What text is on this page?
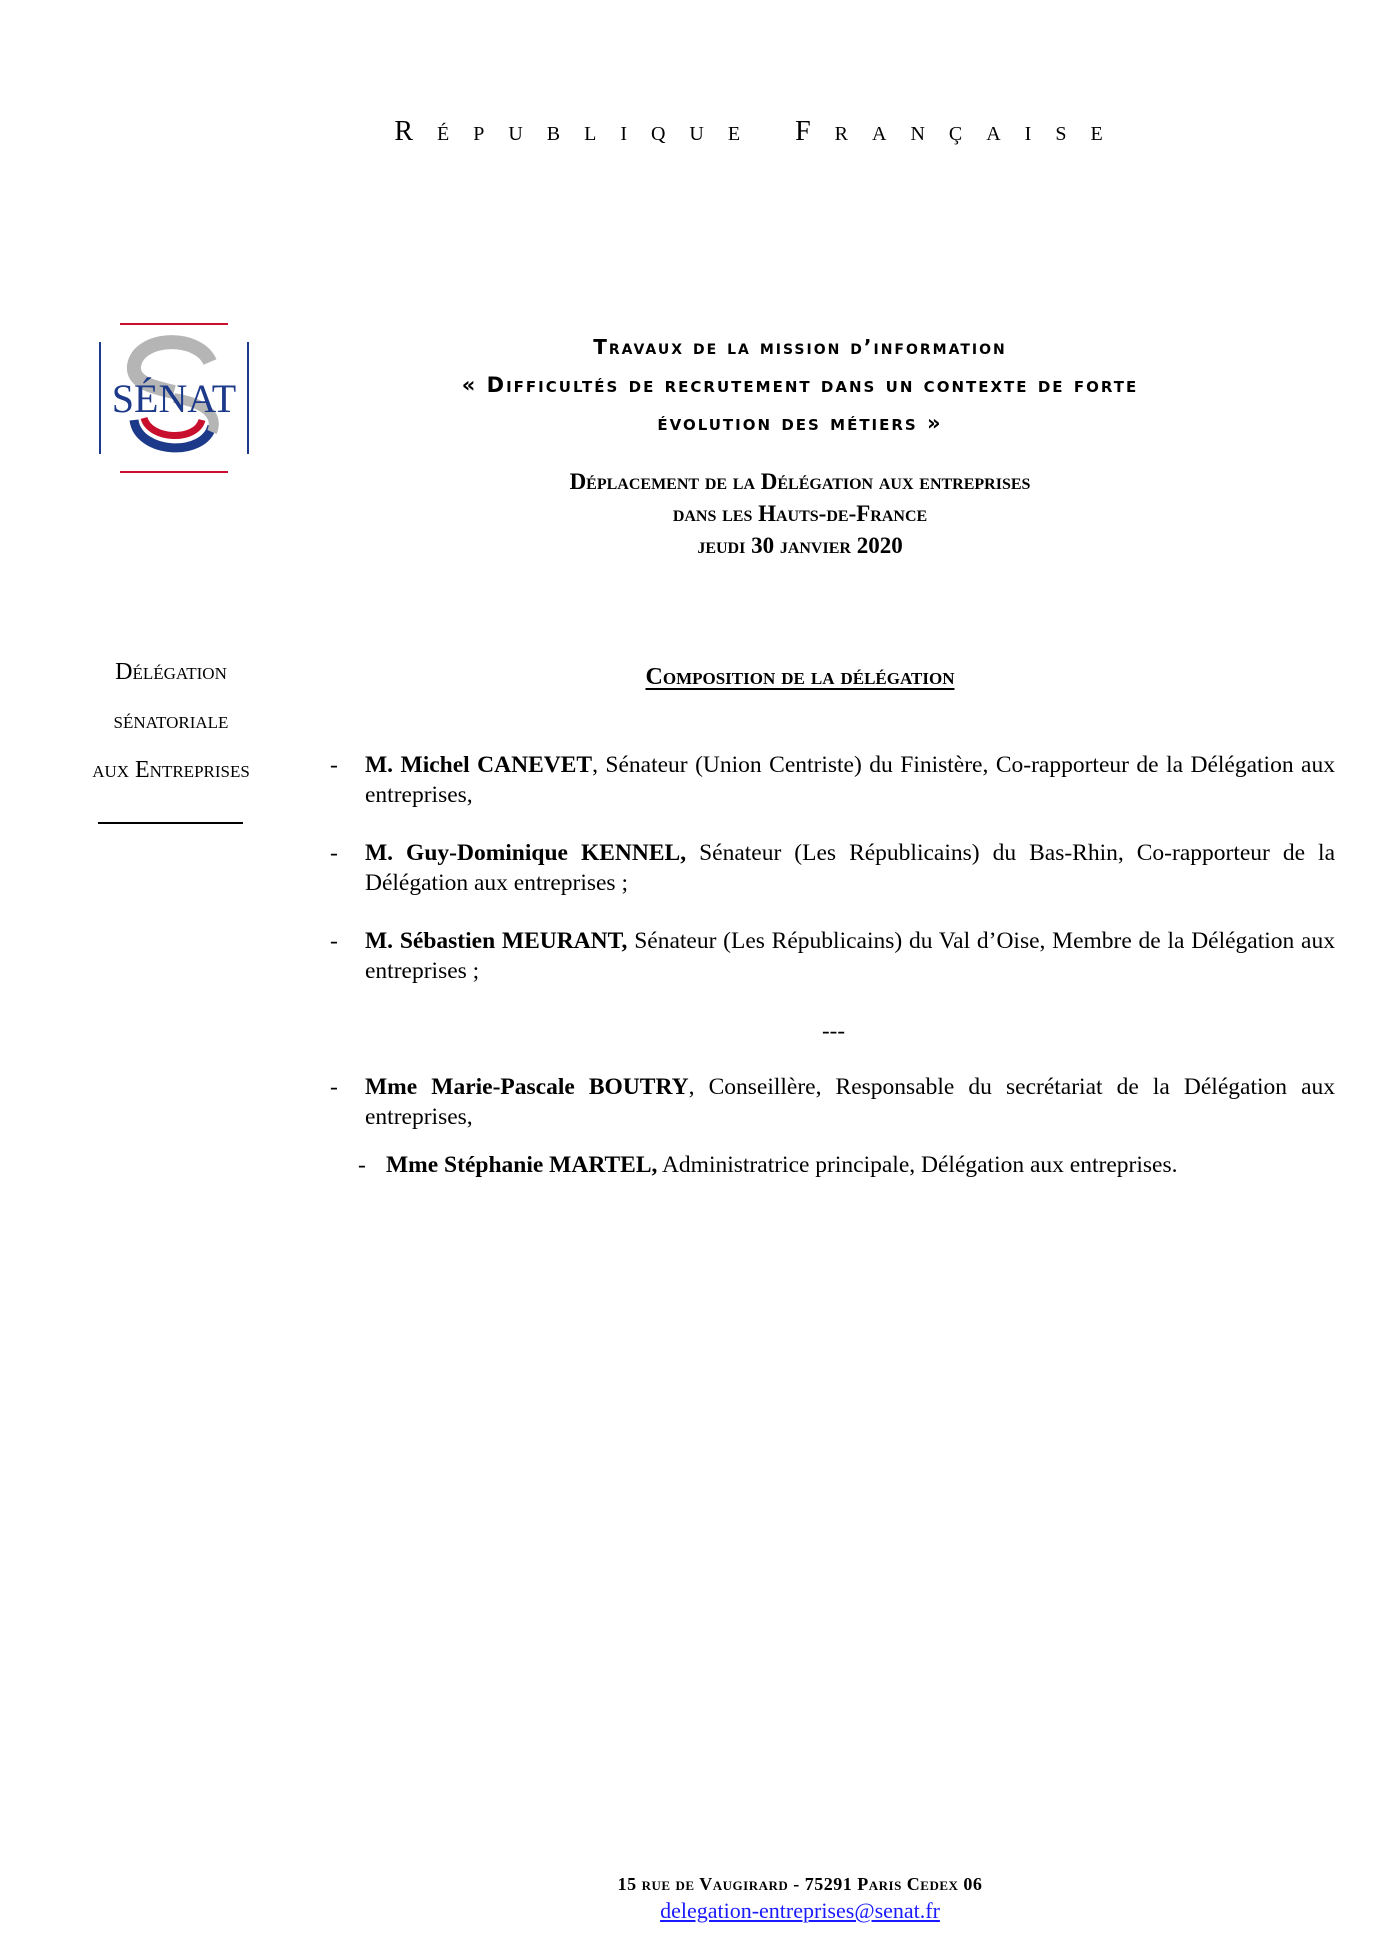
République Française
SÉNAT
Travaux de la mission d’information
« Difficultés de recrutement dans un contexte de forte
évolution des métiers »
Déplacement de la Délégation aux entreprises
dans les Hauts-de-France
jeudi 30 janvier 2020
Délégation
sénatoriale
aux Entreprises
Composition de la délégation
- M. Michel CANEVET, Sénateur (Union Centriste) du Finistère, Co-rapporteur de la Délégation aux entreprises,
- M. Guy-Dominique KENNEL, Sénateur (Les Républicains) du Bas-Rhin, Co-rapporteur de la Délégation aux entreprises ;
- M. Sébastien MEURANT, Sénateur (Les Républicains) du Val d’Oise, Membre de la Délégation aux entreprises ;
---
- Mme Marie-Pascale BOUTRY, Conseillère, Responsable du secrétariat de la Délégation aux entreprises,
- Mme Stéphanie MARTEL, Administratrice principale, Délégation aux entreprises.
15 rue de Vaugirard - 75291 Paris Cedex 06
delegation-entreprises@senat.fr
